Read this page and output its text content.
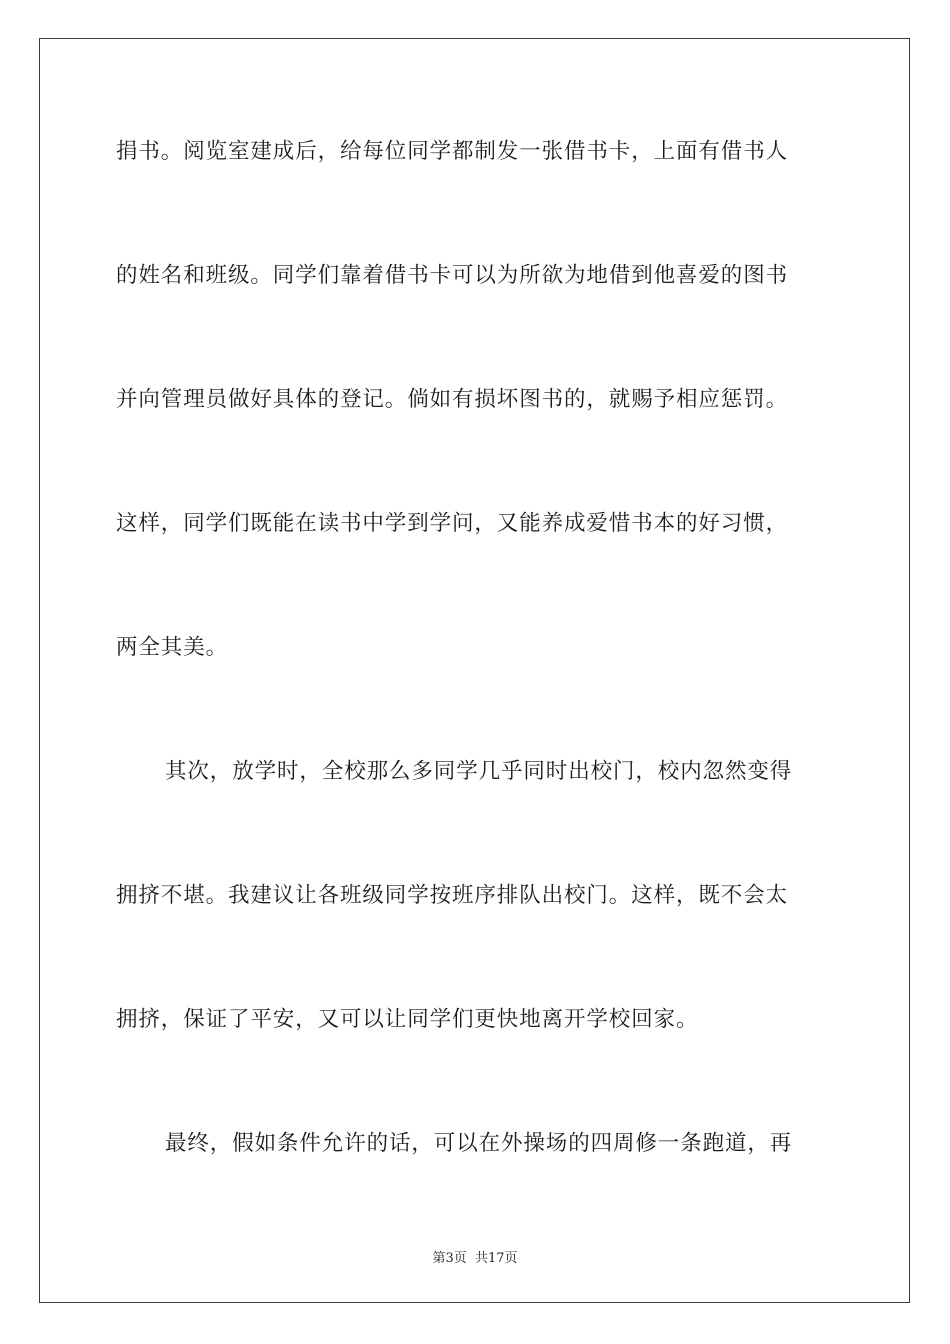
捐书。阅览室建成后，给每位同学都制发一张借书卡，上面有借书人
的姓名和班级。同学们靠着借书卡可以为所欲为地借到他喜爱的图书
并向管理员做好具体的登记。倘如有损坏图书的，就赐予相应惩罚。
这样，同学们既能在读书中学到学问，又能养成爱惜书本的好习惯，
两全其美。
其次，放学时，全校那么多同学几乎同时出校门，校内忽然变得
拥挤不堪。我建议让各班级同学按班序排队出校门。这样，既不会太
拥挤，保证了平安，又可以让同学们更快地离开学校回家。
最终，假如条件允许的话，可以在外操场的四周修一条跑道，再
第3页 共17页
